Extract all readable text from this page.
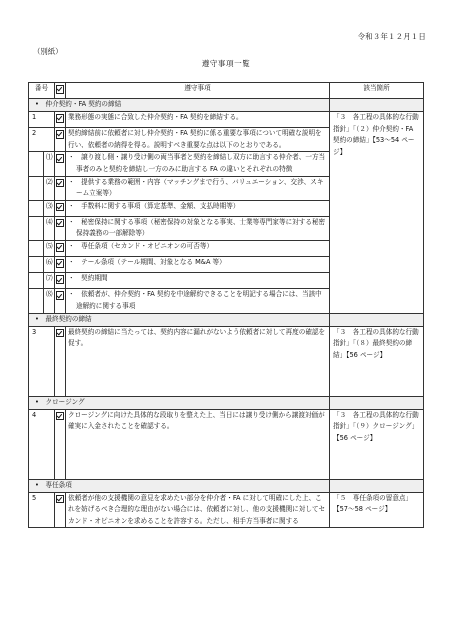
令和３年１２月１日
（別紙）
遵守事項一覧
番号			遵守事項	該当箇所
•　仲介契約・FA 契約の締結				
1			業務形態の実態に合致した仲介契約・FA 契約を締結する。	「３　各工程の具体的な行動指針」「（２）仲介契約・FA 契約の締結」【53～54 ページ】
2			契約締結前に依頼者に対し仲介契約・FA 契約に係る重要な事項について明確な説明を行い、依頼者の納得を得る。説明すべき重要な点は以下のとおりである。	
	⑴		・　譲り渡し側・譲り受け側の両当事者と契約を締結し双方に助言する仲介者、一方当事者のみと契約を締結し一方のみに助言する FA の違いとそれぞれの特徴	
	⑵		・　提供する業務の範囲・内容（マッチングまで行う、バリュエーション、交渉、スキーム立案等）	
	⑶		・　手数料に関する事項（算定基準、金額、支払時期等）	
	⑷		・　秘密保持に関する事項（秘密保持の対象となる事実、士業等専門家等に対する秘密保持義務の一部解除等）	
	⑸		・　専任条項（セカンド・オピニオンの可否等）	
	⑹		・　テール条項（テール期間、対象となる M&A 等）	
	⑺		・　契約期間	
	⑻		・　依頼者が、仲介契約・FA 契約を中途解約できることを明記する場合には、当該中途解約に関する事項	
•　最終契約の締結				
3			最終契約の締結に当たっては、契約内容に漏れがないよう依頼者に対して再度の確認を促す。	「３　各工程の具体的な行動指針」「（８）最終契約の締結」【56 ページ】
•　クロージング				
4			クロージングに向けた具体的な段取りを整えた上、当日には譲り受け側から譲渡対価が確実に入金されたことを確認する。	「３　各工程の具体的な行動指針」「（９）クロージング」【56 ページ】
•　専任条項				
5			依頼者が他の支援機関の意見を求めたい部分を仲介者・FA に対して明確にした上、これを妨げるべき合理的な理由がない場合には、依頼者に対し、他の支援機関に対してセカンド・オピニオンを求めることを許容する。ただし、相手方当事者に関する	「５　専任条項の留意点」【57～58 ページ】
